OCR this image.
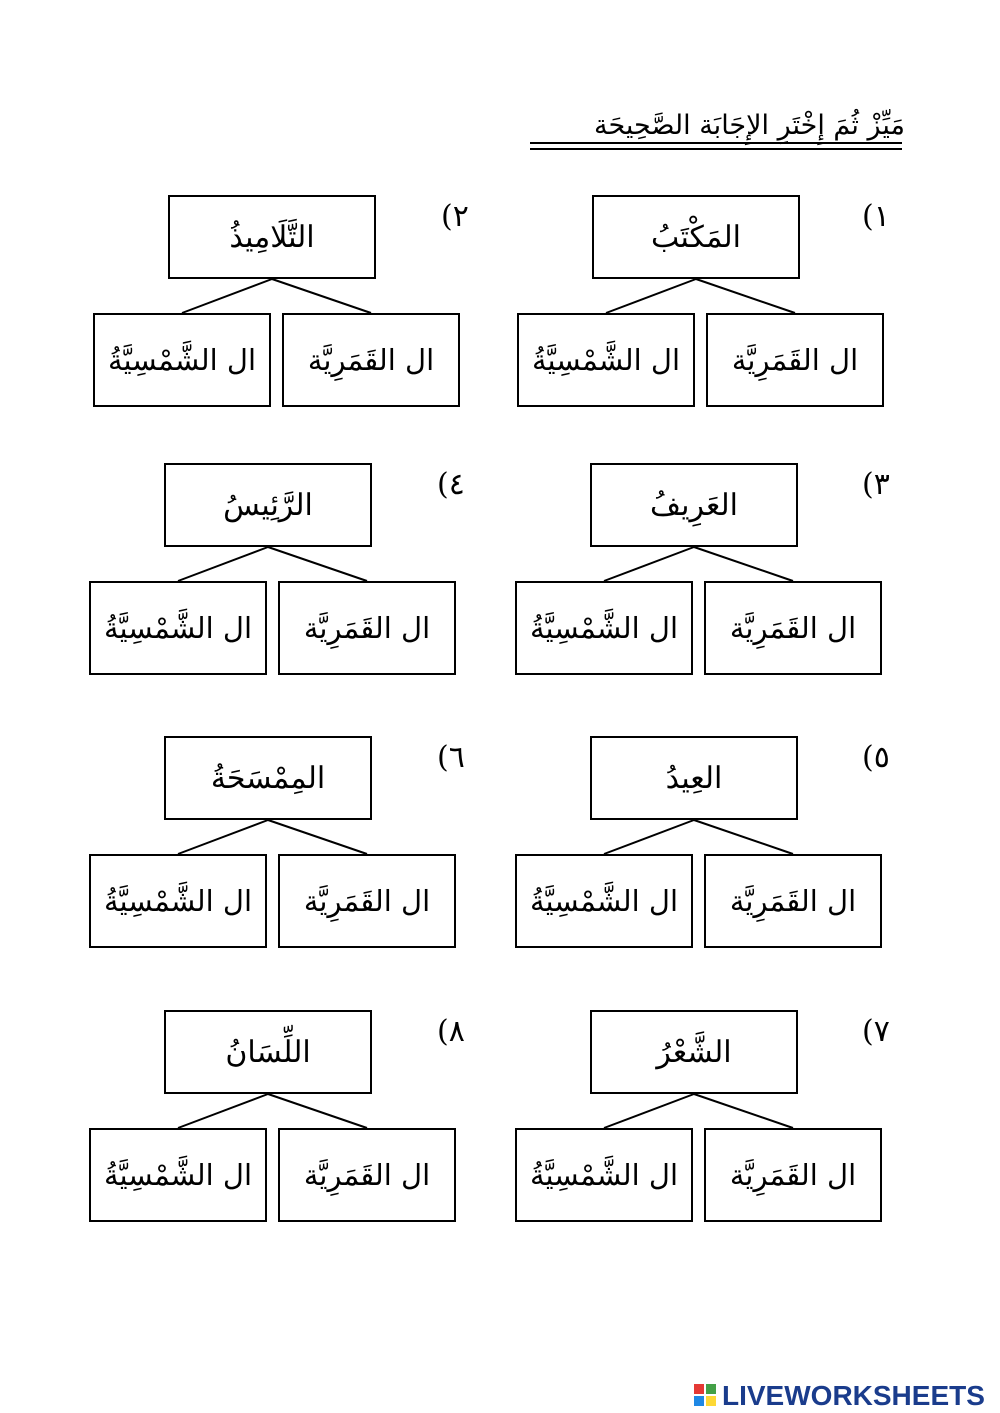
مَيِّزْ ثُمَ إِخْتَرِ الإِجَابَة الصَّحِيحَة
المَكْتَبُ
١)
ال الشَّمْسِيَّةُ	ال القَمَرِيَّة
التَّلَامِيذُ
٢)
ال الشَّمْسِيَّةُ	ال القَمَرِيَّة
العَرِيفُ
٣)
ال الشَّمْسِيَّةُ	ال القَمَرِيَّة
الرَّئِيسُ
٤)
ال الشَّمْسِيَّةُ	ال القَمَرِيَّة
العِيدُ
٥)
ال الشَّمْسِيَّةُ	ال القَمَرِيَّة
المِمْسَحَةُ
٦)
ال الشَّمْسِيَّةُ	ال القَمَرِيَّة
الشَّعْرُ
٧)
ال الشَّمْسِيَّةُ	ال القَمَرِيَّة
اللِّسَانُ
٨)
ال الشَّمْسِيَّةُ	ال القَمَرِيَّة
LIVEWORKSHEETS
